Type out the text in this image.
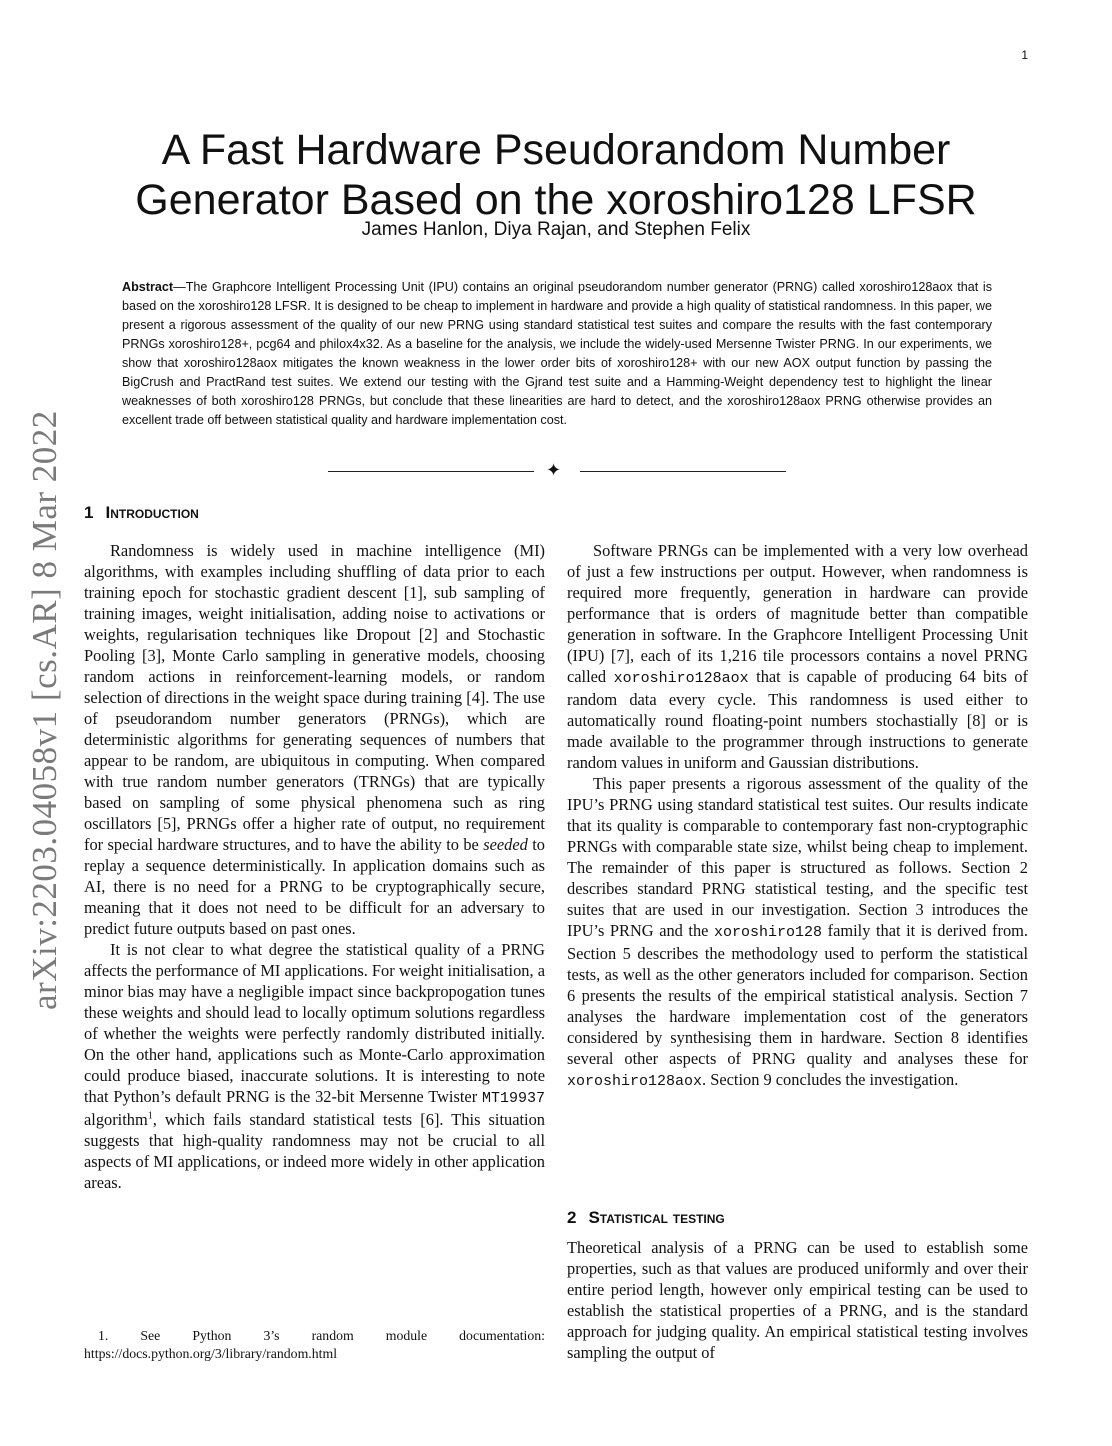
1
arXiv:2203.04058v1 [cs.AR] 8 Mar 2022
A Fast Hardware Pseudorandom Number
Generator Based on the xoroshiro128 LFSR
James Hanlon, Diya Rajan, and Stephen Felix
Abstract—The Graphcore Intelligent Processing Unit (IPU) contains an original pseudorandom number generator (PRNG) called xoroshiro128aox that is based on the xoroshiro128 LFSR. It is designed to be cheap to implement in hardware and provide a high quality of statistical randomness. In this paper, we present a rigorous assessment of the quality of our new PRNG using standard statistical test suites and compare the results with the fast contemporary PRNGs xoroshiro128+, pcg64 and philox4x32. As a baseline for the analysis, we include the widely-used Mersenne Twister PRNG. In our experiments, we show that xoroshiro128aox mitigates the known weakness in the lower order bits of xoroshiro128+ with our new AOX output function by passing the BigCrush and PractRand test suites. We extend our testing with the Gjrand test suite and a Hamming-Weight dependency test to highlight the linear weaknesses of both xoroshiro128 PRNGs, but conclude that these linearities are hard to detect, and the xoroshiro128aox PRNG otherwise provides an excellent trade off between statistical quality and hardware implementation cost.
✦
1 Introduction

Randomness is widely used in machine intelligence (MI) algorithms, with examples including shuffling of data prior to each training epoch for stochastic gradient descent [1], sub sampling of training images, weight initialisation, adding noise to activations or weights, regularisation techniques like Dropout [2] and Stochastic Pooling [3], Monte Carlo sampling in generative models, choosing random actions in reinforcement-learning models, or random selection of directions in the weight space during training [4]. The use of pseudorandom number generators (PRNGs), which are deterministic algorithms for generating sequences of numbers that appear to be random, are ubiquitous in computing. When compared with true random number generators (TRNGs) that are typically based on sampling of some physical phenomena such as ring oscillators [5], PRNGs offer a higher rate of output, no requirement for special hardware structures, and to have the ability to be seeded to replay a sequence deterministically. In application domains such as AI, there is no need for a PRNG to be cryptographically secure, meaning that it does not need to be difficult for an adversary to predict future outputs based on past ones.

It is not clear to what degree the statistical quality of a PRNG affects the performance of MI applications. For weight initialisation, a minor bias may have a negligible impact since backpropogation tunes these weights and should lead to locally optimum solutions regardless of whether the weights were perfectly randomly distributed initially. On the other hand, applications such as Monte-Carlo approximation could produce biased, inaccurate solutions. It is interesting to note that Python’s default PRNG is the 32-bit Mersenne Twister MT19937 algorithm$^1$, which fails standard statistical tests [6]. This situation suggests that high-quality randomness may not be crucial to all aspects of MI applications, or indeed more widely in other application areas.

1. See Python 3’s random module documentation: https://docs.python.org/3/library/random.html

Software PRNGs can be implemented with a very low overhead of just a few instructions per output. However, when randomness is required more frequently, generation in hardware can provide performance that is orders of magnitude better than compatible generation in software. In the Graphcore Intelligent Processing Unit (IPU) [7], each of its 1,216 tile processors contains a novel PRNG called xoroshiro128aox that is capable of producing 64 bits of random data every cycle. This randomness is used either to automatically round floating-point numbers stochastially [8] or is made available to the programmer through instructions to generate random values in uniform and Gaussian distributions.

This paper presents a rigorous assessment of the quality of the IPU’s PRNG using standard statistical test suites. Our results indicate that its quality is comparable to contemporary fast non-cryptographic PRNGs with comparable state size, whilst being cheap to implement. The remainder of this paper is structured as follows. Section 2 describes standard PRNG statistical testing, and the specific test suites that are used in our investigation. Section 3 introduces the IPU’s PRNG and the xoroshiro128 family that it is derived from. Section 5 describes the methodology used to perform the statistical tests, as well as the other generators included for comparison. Section 6 presents the results of the empirical statistical analysis. Section 7 analyses the hardware implementation cost of the generators considered by synthesising them in hardware. Section 8 identifies several other aspects of PRNG quality and analyses these for xoroshiro128aox. Section 9 concludes the investigation.

2 Statistical testing

Theoretical analysis of a PRNG can be used to establish some properties, such as that values are produced uniformly and over their entire period length, however only empirical testing can be used to establish the statistical properties of a PRNG, and is the standard approach for judging quality. An empirical statistical testing involves sampling the output of
